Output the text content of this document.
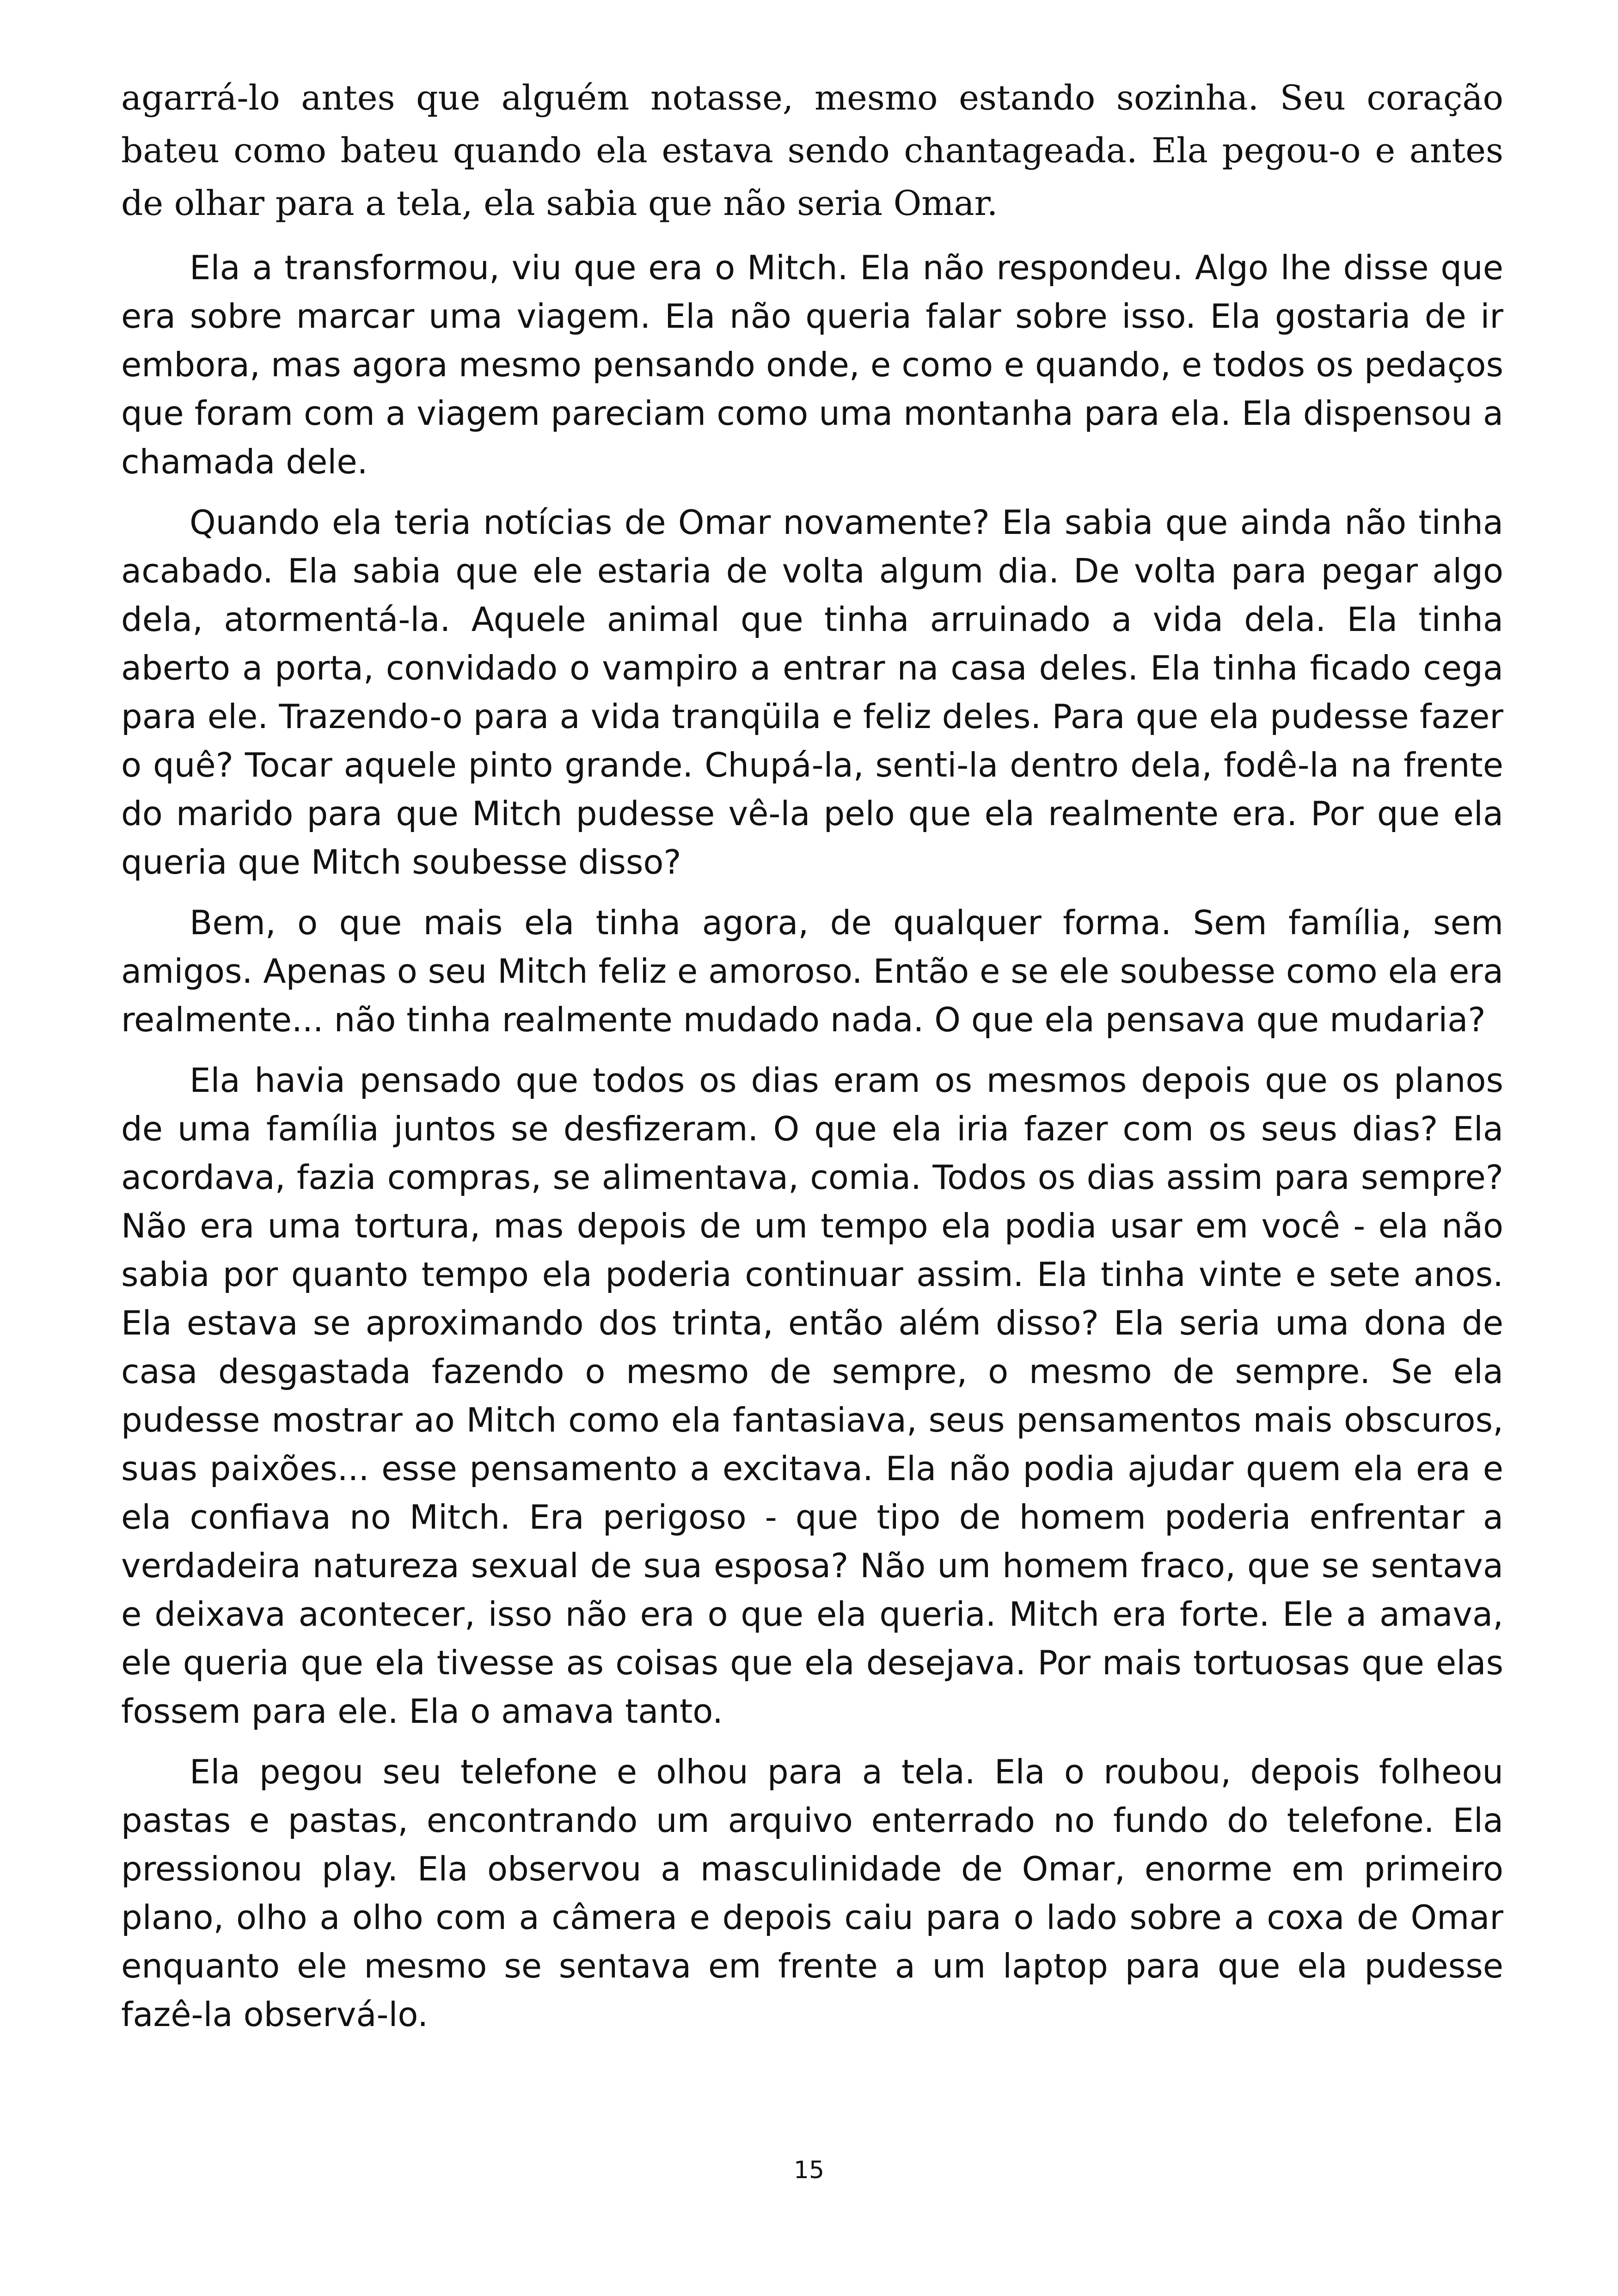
agarrá-lo antes que alguém notasse, mesmo estando sozinha. Seu coração bateu como bateu quando ela estava sendo chantageada. Ela pegou-o e antes de olhar para a tela, ela sabia que não seria Omar.

Ela a transformou, viu que era o Mitch. Ela não respondeu. Algo lhe disse que era sobre marcar uma viagem. Ela não queria falar sobre isso. Ela gostaria de ir embora, mas agora mesmo pensando onde, e como e quando, e todos os pedaços que foram com a viagem pareciam como uma montanha para ela. Ela dispensou a chamada dele.

Quando ela teria notícias de Omar novamente? Ela sabia que ainda não tinha acabado. Ela sabia que ele estaria de volta algum dia. De volta para pegar algo dela, atormentá-la. Aquele animal que tinha arruinado a vida dela. Ela tinha aberto a porta, convidado o vampiro a entrar na casa deles. Ela tinha ficado cega para ele. Trazendo-o para a vida tranqüila e feliz deles. Para que ela pudesse fazer o quê? Tocar aquele pinto grande. Chupá-la, senti-la dentro dela, fodê-la na frente do marido para que Mitch pudesse vê-la pelo que ela realmente era. Por que ela queria que Mitch soubesse disso?

Bem, o que mais ela tinha agora, de qualquer forma. Sem família, sem amigos. Apenas o seu Mitch feliz e amoroso. Então e se ele soubesse como ela era realmente... não tinha realmente mudado nada. O que ela pensava que mudaria?

Ela havia pensado que todos os dias eram os mesmos depois que os planos de uma família juntos se desfizeram. O que ela iria fazer com os seus dias? Ela acordava, fazia compras, se alimentava, comia. Todos os dias assim para sempre? Não era uma tortura, mas depois de um tempo ela podia usar em você - ela não sabia por quanto tempo ela poderia continuar assim. Ela tinha vinte e sete anos. Ela estava se aproximando dos trinta, então além disso? Ela seria uma dona de casa desgastada fazendo o mesmo de sempre, o mesmo de sempre. Se ela pudesse mostrar ao Mitch como ela fantasiava, seus pensamentos mais obscuros, suas paixões... esse pensamento a excitava. Ela não podia ajudar quem ela era e ela confiava no Mitch. Era perigoso - que tipo de homem poderia enfrentar a verdadeira natureza sexual de sua esposa? Não um homem fraco, que se sentava e deixava acontecer, isso não era o que ela queria. Mitch era forte. Ele a amava, ele queria que ela tivesse as coisas que ela desejava. Por mais tortuosas que elas fossem para ele. Ela o amava tanto.

Ela pegou seu telefone e olhou para a tela. Ela o roubou, depois folheou pastas e pastas, encontrando um arquivo enterrado no fundo do telefone. Ela pressionou play. Ela observou a masculinidade de Omar, enorme em primeiro plano, olho a olho com a câmera e depois caiu para o lado sobre a coxa de Omar enquanto ele mesmo se sentava em frente a um laptop para que ela pudesse fazê-la observá-lo.

15
